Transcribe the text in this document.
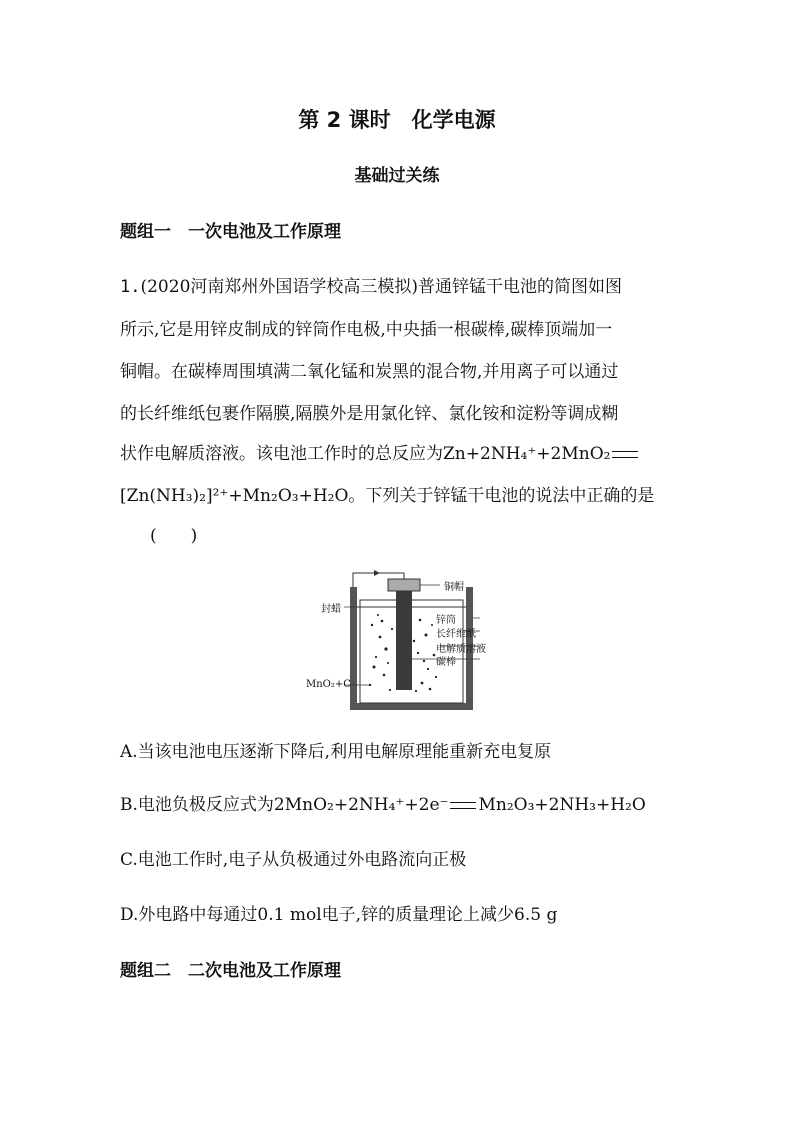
第 2 课时　化学电源
基础过关练
题组一　一次电池及工作原理
1.(2020河南郑州外国语学校高三模拟)普通锌锰干电池的简图如图
所示,它是用锌皮制成的锌筒作电极,中央插一根碳棒,碳棒顶端加一
铜帽。在碳棒周围填满二氧化锰和炭黑的混合物,并用离子可以通过
的长纤维纸包裹作隔膜,隔膜外是用氯化锌、氯化铵和淀粉等调成糊
状作电解质溶液。该电池工作时的总反应为Zn+2NH₄⁺+2MnO₂
[Zn(NH₃)₂]²⁺+Mn₂O₃+H₂O。下列关于锌锰干电池的说法中正确的是
(　　)
铜帽
封蜡
锌筒
长纤维纸
电解质溶液
碳棒
MnO₂+C
A.当该电池电压逐渐下降后,利用电解原理能重新充电复原
B.电池负极反应式为2MnO₂+2NH₄⁺+2e⁻ Mn₂O₃+2NH₃+H₂O
C.电池工作时,电子从负极通过外电路流向正极
D.外电路中每通过0.1 mol电子,锌的质量理论上减少6.5 g
题组二　二次电池及工作原理
